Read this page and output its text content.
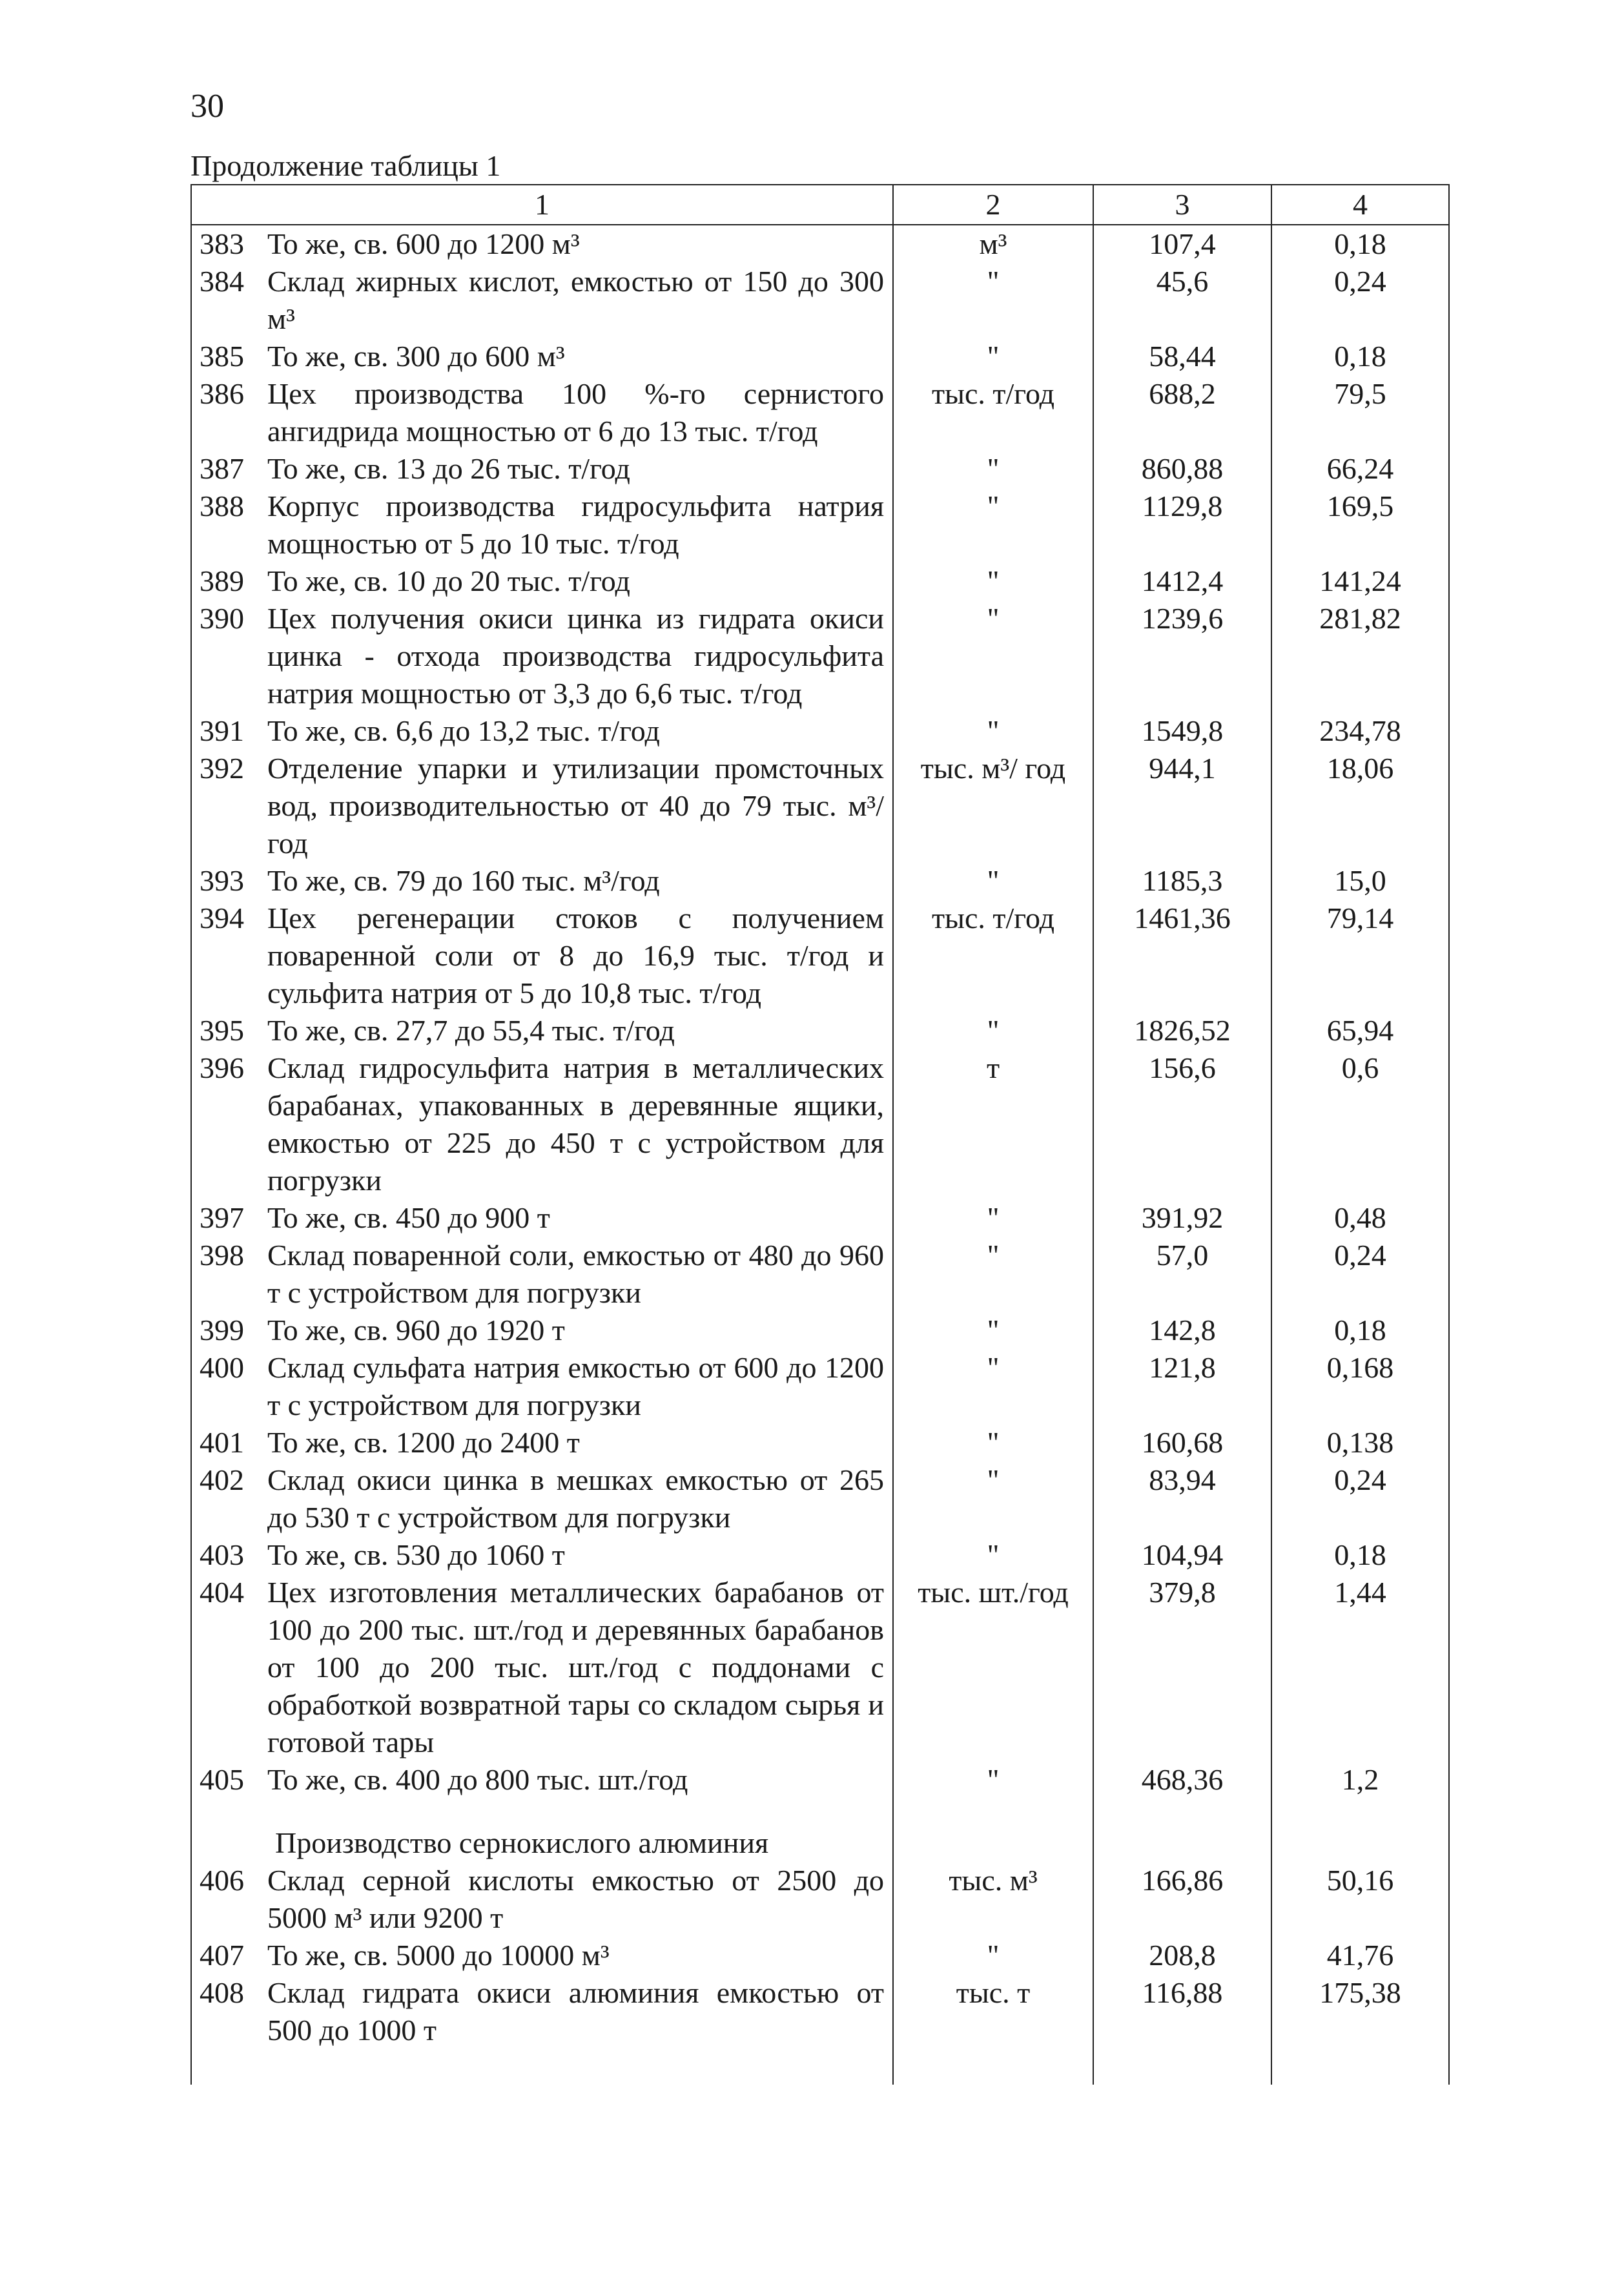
30
Продолжение таблицы 1
1	2	3	4
383 То же, св. 600 до 1200 м³	м³	107,4	0,18
384 Склад жирных кислот, емкостью от 150 до 300 м³	"	45,6	0,24
385 То же, св. 300 до 600 м³	"	58,44	0,18
386 Цех производства 100 %-го сернистого ангидрида мощностью от 6 до 13 тыс. т/год	тыс. т/год	688,2	79,5
387 То же, св. 13 до 26 тыс. т/год	"	860,88	66,24
388 Корпус производства гидросульфита натрия мощностью от 5 до 10 тыс. т/год	"	1129,8	169,5
389 То же, св. 10 до 20 тыс. т/год	"	1412,4	141,24
390 Цех получения окиси цинка из гидрата окиси цинка - отхода производства гидросульфита натрия мощностью от 3,3 до 6,6 тыс. т/год	"	1239,6	281,82
391 То же, св. 6,6 до 13,2 тыс. т/год	"	1549,8	234,78
392 Отделение упарки и утилизации промсточных вод, производительностью от 40 до 79 тыс. м³/год	тыс. м³/ год	944,1	18,06
393 То же, св. 79 до 160 тыс. м³/год	"	1185,3	15,0
394 Цех регенерации стоков с получением поваренной соли от 8 до 16,9 тыс. т/год и сульфита натрия от 5 до 10,8 тыс. т/год	тыс. т/год	1461,36	79,14
395 То же, св. 27,7 до 55,4 тыс. т/год	"	1826,52	65,94
396 Склад гидросульфита натрия в металлических барабанах, упакованных в деревянные ящики, емкостью от 225 до 450 т с устройством для погрузки	т	156,6	0,6
397 То же, св. 450 до 900 т	"	391,92	0,48
398 Склад поваренной соли, емкостью от 480 до 960 т с устройством для погрузки	"	57,0	0,24
399 То же, св. 960 до 1920 т	"	142,8	0,18
400 Склад сульфата натрия емкостью от 600 до 1200 т с устройством для погрузки	"	121,8	0,168
401 То же, св. 1200 до 2400 т	"	160,68	0,138
402 Склад окиси цинка в мешках емкостью от 265 до 530 т с устройством для погрузки	"	83,94	0,24
403 То же, св. 530 до 1060 т	"	104,94	0,18
404 Цех изготовления металлических барабанов от 100 до 200 тыс. шт./год и деревянных барабанов от 100 до 200 тыс. шт./год с поддонами с обработкой возвратной тары со складом сырья и готовой тары	тыс. шт./год	379,8	1,44
405 То же, св. 400 до 800 тыс. шт./год	"	468,36	1,2

Производство сернокислого алюминия			

406 Склад серной кислоты емкостью от 2500 до 5000 м³ или 9200 т	тыс. м³	166,86	50,16
407 То же, св. 5000 до 10000 м³	"	208,8	41,76
408 Склад гидрата окиси алюминия емкостью от 500 до 1000 т	тыс. т	116,88	175,38
